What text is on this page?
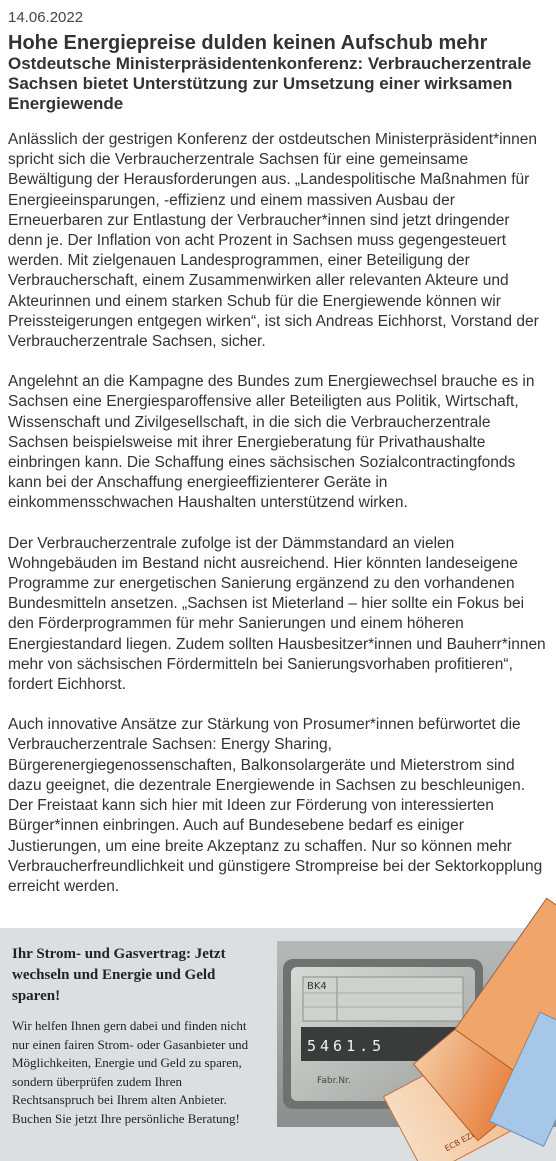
14.06.2022
Hohe Energiepreise dulden keinen Aufschub mehr
Ostdeutsche Ministerpräsidentenkonferenz: Verbraucherzentrale Sachsen bietet Unterstützung zur Umsetzung einer wirksamen Energiewende

Anlässlich der gestrigen Konferenz der ostdeutschen Ministerpräsident*innen spricht sich die Verbraucherzentrale Sachsen für eine gemeinsame Bewältigung der Herausforderungen aus. „Landespolitische Maßnahmen für Energieeinsparungen, -effizienz und einem massiven Ausbau der Erneuerbaren zur Entlastung der Verbraucher*innen sind jetzt dringender denn je. Der Inflation von acht Prozent in Sachsen muss gegengesteuert werden. Mit zielgenauen Landesprogrammen, einer Beteiligung der Verbraucherschaft, einem Zusammenwirken aller relevanten Akteure und Akteurinnen und einem starken Schub für die Energiewende können wir Preissteigerungen entgegen wirken“, ist sich Andreas Eichhorst, Vorstand der Verbraucherzentrale Sachsen, sicher.

Angelehnt an die Kampagne des Bundes zum Energiewechsel brauche es in Sachsen eine Energiesparoffensive aller Beteiligten aus Politik, Wirtschaft, Wissenschaft und Zivilgesellschaft, in die sich die Verbraucherzentrale Sachsen beispielsweise mit ihrer Energieberatung für Privathaushalte einbringen kann. Die Schaffung eines sächsischen Sozialcontractingfonds kann bei der Anschaffung energieeffizienterer Geräte in einkommensschwachen Haushalten unterstützend wirken.

Der Verbraucherzentrale zufolge ist der Dämmstandard an vielen Wohngebäuden im Bestand nicht ausreichend. Hier könnten landeseigene Programme zur energetischen Sanierung ergänzend zu den vorhandenen Bundesmitteln ansetzen. „Sachsen ist Mieterland – hier sollte ein Fokus bei den Förderprogrammen für mehr Sanierungen und einem höheren Energiestandard liegen. Zudem sollten Hausbesitzer*innen und Bauherr*innen mehr von sächsischen Fördermitteln bei Sanierungsvorhaben profitieren“, fordert Eichhorst.

Auch innovative Ansätze zur Stärkung von Prosumer*innen befürwortet die Verbraucherzentrale Sachsen: Energy Sharing, Bürgerenergiegenossenschaften, Balkonsolargeräte und Mieterstrom sind dazu geeignet, die dezentrale Energiewende in Sachsen zu beschleunigen. Der Freistaat kann sich hier mit Ideen zur Förderung von interessierten Bürger*innen einbringen. Auch auf Bundesebene bedarf es einiger Justierungen, um eine breite Akzeptanz zu schaffen. Nur so können mehr Verbraucherfreundlichkeit und günstigere Strompreise bei der Sektorkopplung erreicht werden.

Ihr Strom- und Gasvertrag: Jetzt wechseln und Energie und Geld sparen!

Wir helfen Ihnen gern dabei und finden nicht nur einen fairen Strom- oder Gasanbieter und Möglichkeiten, Energie und Geld zu sparen, sondern überprüfen zudem Ihren Rechtsanspruch bei Ihrem alten Anbieter. Buchen Sie jetzt Ihre persönliche Beratung!

BK4
5461.5
Fabr.Nr.
